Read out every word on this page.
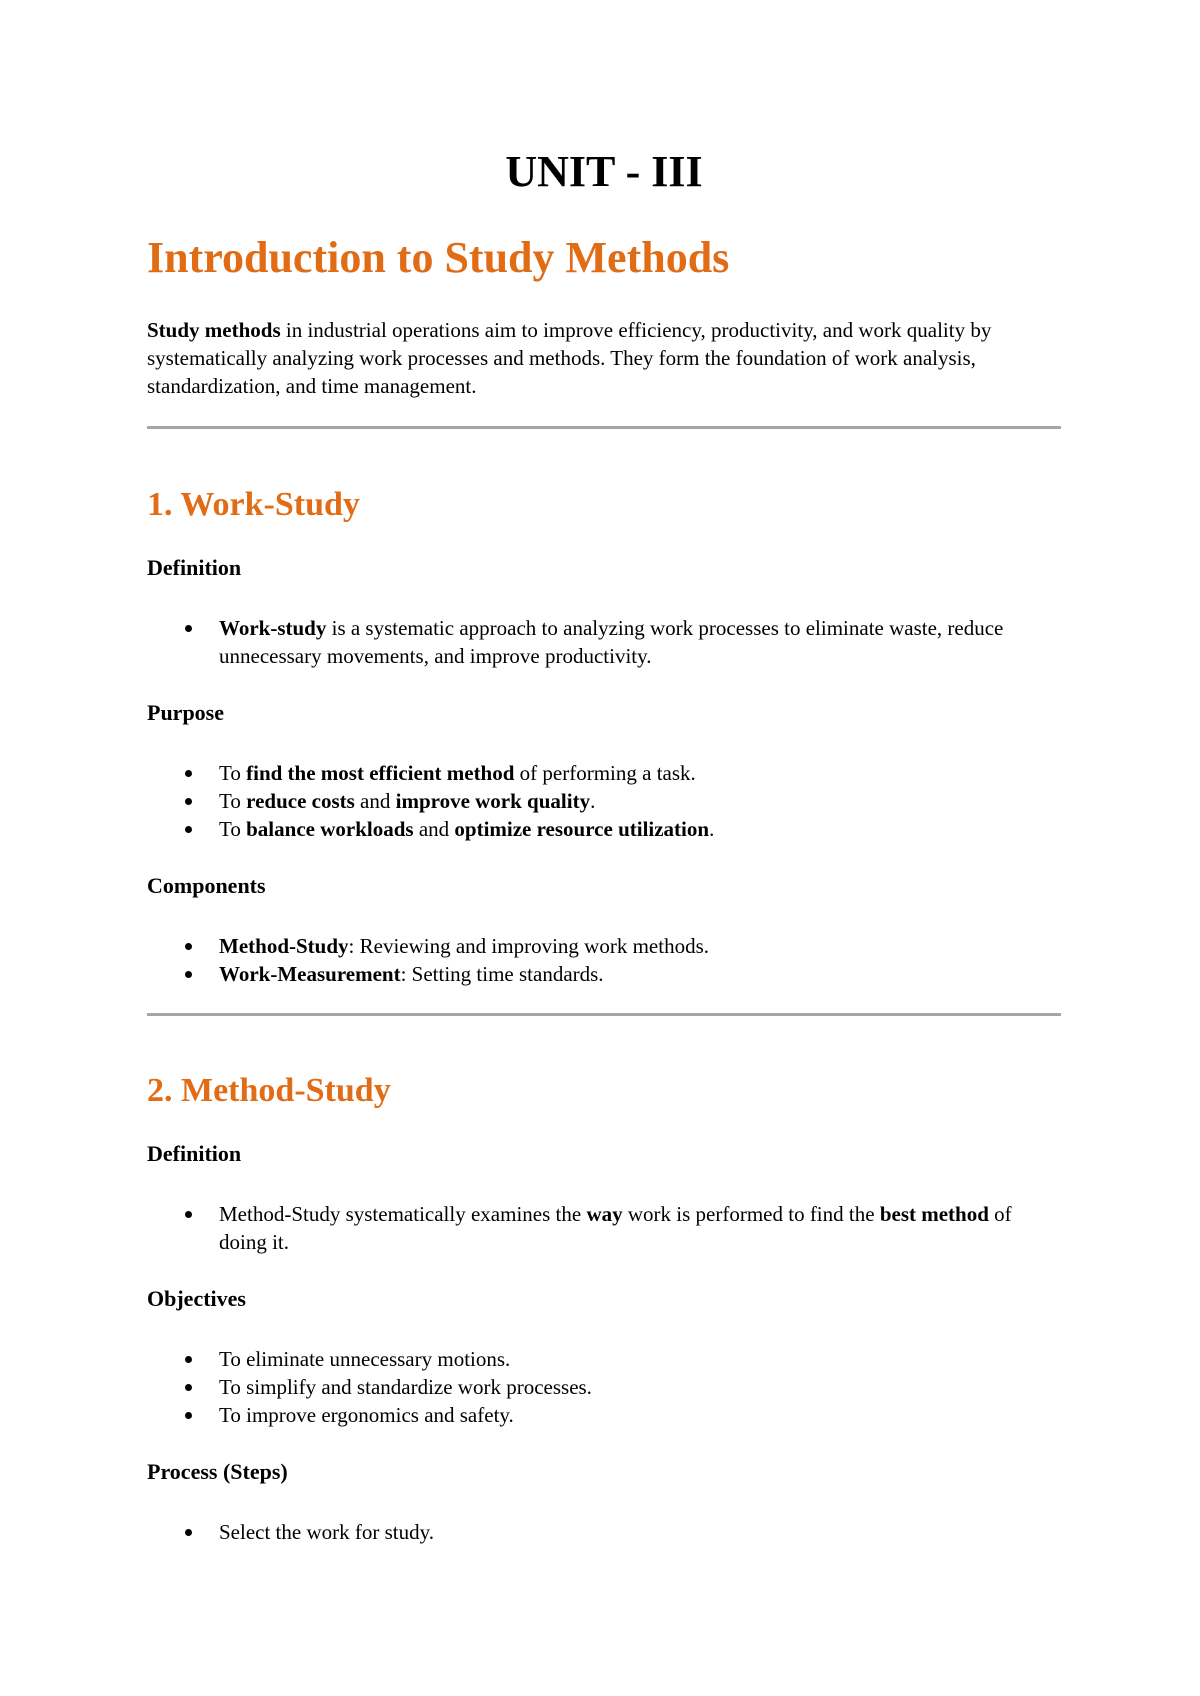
UNIT - III
Introduction to Study Methods

Study methods in industrial operations aim to improve efficiency, productivity, and work quality by systematically analyzing work processes and methods. They form the foundation of work analysis, standardization, and time management.

1. Work-Study
Definition
Work-study is a systematic approach to analyzing work processes to eliminate waste, reduce unnecessary movements, and improve productivity.
Purpose
To find the most efficient method of performing a task.
To reduce costs and improve work quality.
To balance workloads and optimize resource utilization.
Components
Method-Study: Reviewing and improving work methods.
Work-Measurement: Setting time standards.
2. Method-Study
Definition
Method-Study systematically examines the way work is performed to find the best method of doing it.
Objectives
To eliminate unnecessary motions.
To simplify and standardize work processes.
To improve ergonomics and safety.
Process (Steps)
Select the work for study.
